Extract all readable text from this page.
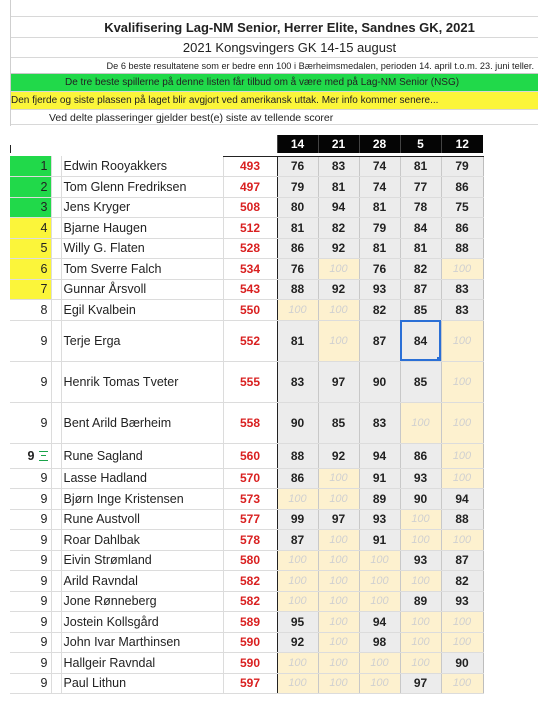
Kvalifisering Lag-NM Senior, Herrer Elite, Sandnes GK, 2021
2021 Kongsvingers GK 14-15 august
De 6 beste resultatene som er bedre enn 100 i Bærheimsmedalen, perioden 14. april t.o.m. 23. juni teller.
De tre beste spillerne på denne listen får tilbud om å være med på Lag-NM Senior (NSG)
Den fjerde og siste plassen på laget blir avgjort ved amerikansk uttak. Mer info kommer senere...
Ved delte plasseringer gjelder best(e) siste av tellende scorer
				14	21	28	5	12

1		Edwin Rooyakkers	493	76	83	74	81	79
2		Tom Glenn Fredriksen	497	79	81	74	77	86
3		Jens Kryger	508	80	94	81	78	75
4		Bjarne Haugen	512	81	82	79	84	86
5		Willy G. Flaten	528	86	92	81	81	88
6		Tom Sverre Falch	534	76	100	76	82	100
7		Gunnar Årsvoll	543	88	92	93	87	83
8		Egil Kvalbein	550	100	100	82	85	83
9		Terje Erga	552	81	100	87	84	100
9		Henrik Tomas Tveter	555	83	97	90	85	100
9		Bent Arild Bærheim	558	90	85	83	100	100
9		Rune Sagland	560	88	92	94	86	100
9		Lasse Hadland	570	86	100	91	93	100
9		Bjørn Inge Kristensen	573	100	100	89	90	94
9		Rune Austvoll	577	99	97	93	100	88
9		Roar Dahlbak	578	87	100	91	100	100
9		Eivin Strømland	580	100	100	100	93	87
9		Arild Ravndal	582	100	100	100	100	82
9		Jone Rønneberg	582	100	100	100	89	93
9		Jostein Kollsgård	589	95	100	94	100	100
9		John Ivar Marthinsen	590	92	100	98	100	100
9		Hallgeir Ravndal	590	100	100	100	100	90
9		Paul Lithun	597	100	100	100	97	100
